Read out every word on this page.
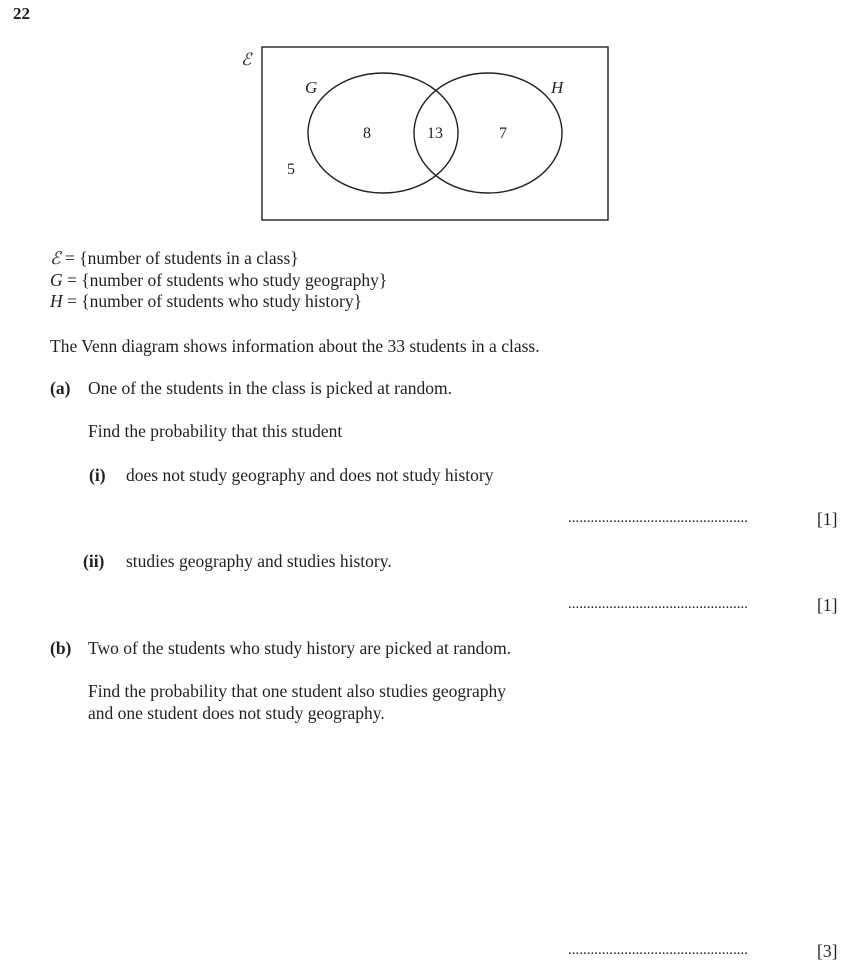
22
ℰ
G	H
8	13	7
5
ℰ = {number of students in a class}
G = {number of students who study geography}
H = {number of students who study history}
The Venn diagram shows information about the 33 students in a class.
(a) One of the students in the class is picked at random.
Find the probability that this student
(i) does not study geography and does not study history
................................................	[1]
(ii) studies geography and studies history.
................................................	[1]
(b) Two of the students who study history are picked at random.
Find the probability that one student also studies geography
and one student does not study geography.
................................................	[3]
